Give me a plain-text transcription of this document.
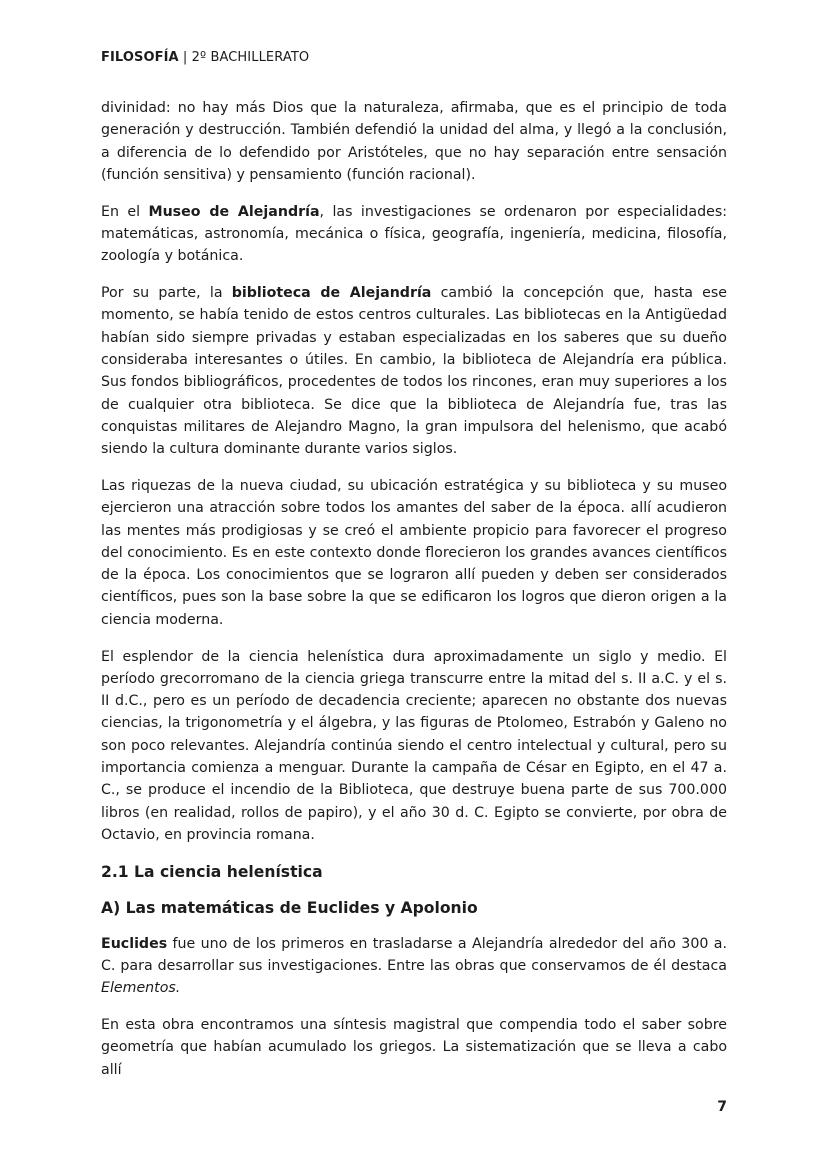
FILOSOFÍA | 2º BACHILLERATO

divinidad: no hay más Dios que la naturaleza, afirmaba, que es el principio de toda generación y destrucción. También defendió la unidad del alma, y llegó a la conclusión, a diferencia de lo defendido por Aristóteles, que no hay separación entre sensación (función sensitiva) y pensamiento (función racional).

En el Museo de Alejandría, las investigaciones se ordenaron por especialidades: matemáticas, astronomía, mecánica o física, geografía, ingeniería, medicina, filosofía, zoología y botánica.

Por su parte, la biblioteca de Alejandría cambió la concepción que, hasta ese momento, se había tenido de estos centros culturales. Las bibliotecas en la Antigüedad habían sido siempre privadas y estaban especializadas en los saberes que su dueño consideraba interesantes o útiles. En cambio, la biblioteca de Alejandría era pública. Sus fondos bibliográficos, procedentes de todos los rincones, eran muy superiores a los de cualquier otra biblioteca. Se dice que la biblioteca de Alejandría fue, tras las conquistas militares de Alejandro Magno, la gran impulsora del helenismo, que acabó siendo la cultura dominante durante varios siglos.

Las riquezas de la nueva ciudad, su ubicación estratégica y su biblioteca y su museo ejercieron una atracción sobre todos los amantes del saber de la época. allí acudieron las mentes más prodigiosas y se creó el ambiente propicio para favorecer el progreso del conocimiento. Es en este contexto donde florecieron los grandes avances científicos de la época. Los conocimientos que se lograron allí pueden y deben ser considerados científicos, pues son la base sobre la que se edificaron los logros que dieron origen a la ciencia moderna.

El esplendor de la ciencia helenística dura aproximadamente un siglo y medio. El período grecorromano de la ciencia griega transcurre entre la mitad del s. II a.C. y el s. II d.C., pero es un período de decadencia creciente; aparecen no obstante dos nuevas ciencias, la trigonometría y el álgebra, y las figuras de Ptolomeo, Estrabón y Galeno no son poco relevantes. Alejandría continúa siendo el centro intelectual y cultural, pero su importancia comienza a menguar. Durante la campaña de César en Egipto, en el 47 a. C., se produce el incendio de la Biblioteca, que destruye buena parte de sus 700.000 libros (en realidad, rollos de papiro), y el año 30 d. C. Egipto se convierte, por obra de Octavio, en provincia romana.

2.1 La ciencia helenística
A) Las matemáticas de Euclides y Apolonio

Euclides fue uno de los primeros en trasladarse a Alejandría alrededor del año 300 a. C. para desarrollar sus investigaciones. Entre las obras que conservamos de él destaca Elementos.

En esta obra encontramos una síntesis magistral que compendia todo el saber sobre geometría que habían acumulado los griegos. La sistematización que se lleva a cabo allí

7
